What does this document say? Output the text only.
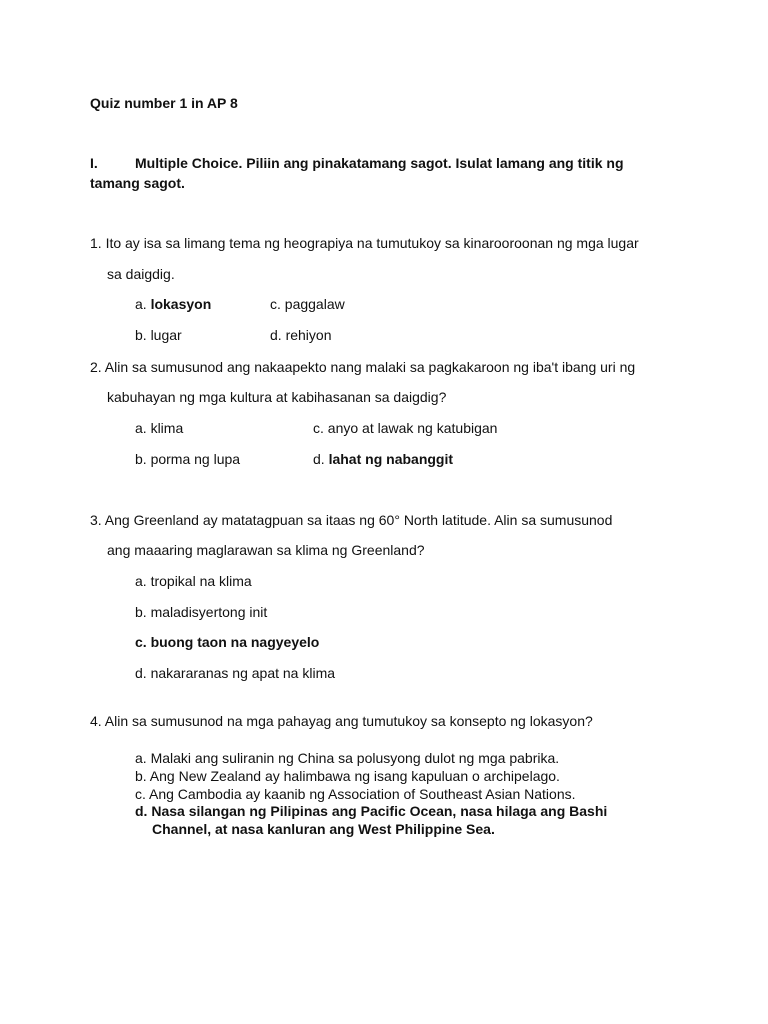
Quiz number 1 in AP 8
I.	Multiple Choice. Piliin ang pinakatamang sagot. Isulat lamang ang titik ng
tamang sagot.
1. Ito ay isa sa limang tema ng heograpiya na tumutukoy sa kinarooroonan ng mga lugar
sa daigdig.
a. lokasyon	c. paggalaw
b. lugar	d. rehiyon
2. Alin sa sumusunod ang nakaapekto nang malaki sa pagkakaroon ng iba't ibang uri ng
kabuhayan ng mga kultura at kabihasanan sa daigdig?
a. klima	c. anyo at lawak ng katubigan
b. porma ng lupa	d. lahat ng nabanggit
3. Ang Greenland ay matatagpuan sa itaas ng 60° North latitude. Alin sa sumusunod
ang maaaring maglarawan sa klima ng Greenland?
a. tropikal na klima
b. maladisyertong init
c. buong taon na nagyeyelo
d. nakararanas ng apat na klima
4. Alin sa sumusunod na mga pahayag ang tumutukoy sa konsepto ng lokasyon?
a. Malaki ang suliranin ng China sa polusyong dulot ng mga pabrika.
b. Ang New Zealand ay halimbawa ng isang kapuluan o archipelago.
c. Ang Cambodia ay kaanib ng Association of Southeast Asian Nations.
d. Nasa silangan ng Pilipinas ang Pacific Ocean, nasa hilaga ang Bashi
Channel, at nasa kanluran ang West Philippine Sea.
